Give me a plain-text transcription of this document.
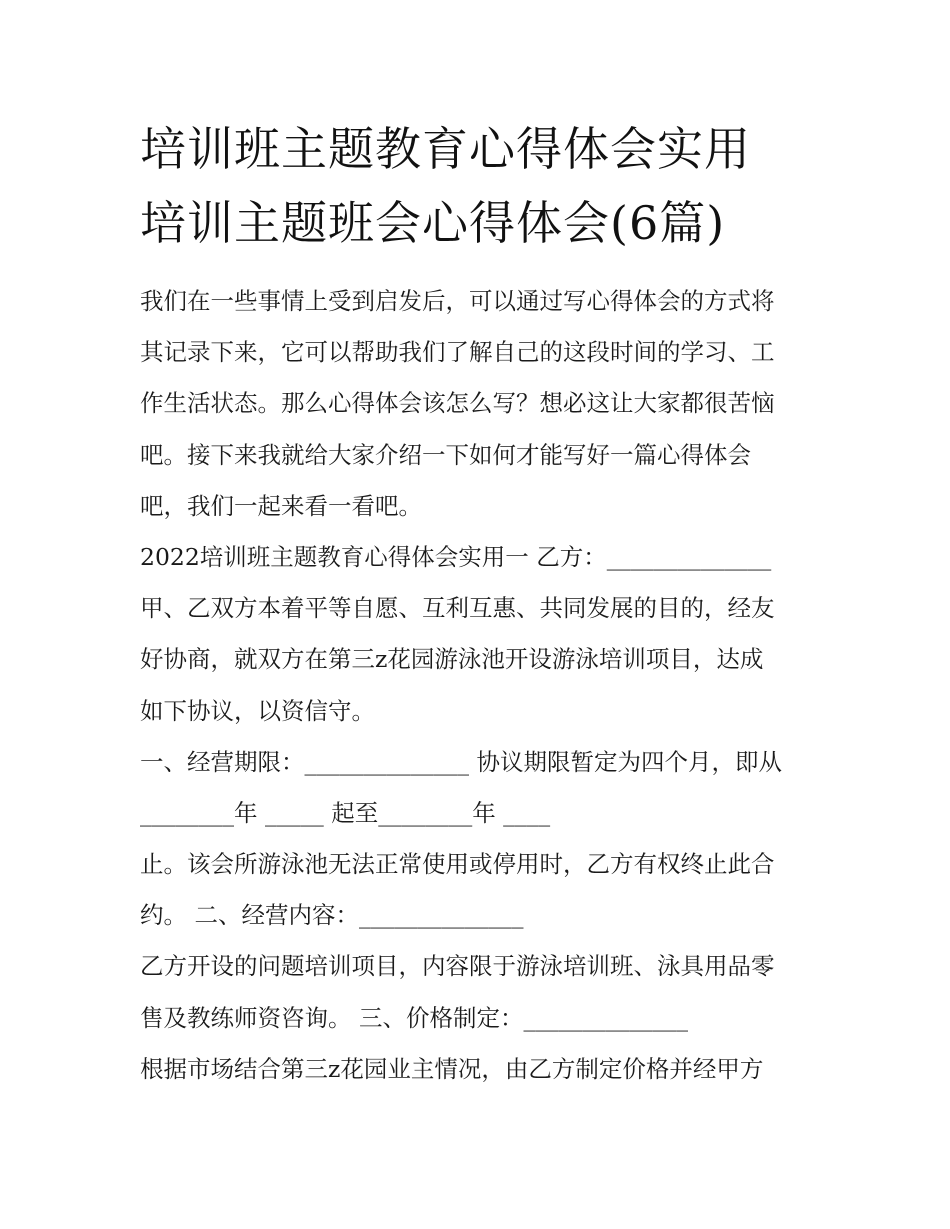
培训班主题教育心得体会实用
培训主题班会心得体会(6篇)
我们在一些事情上受到启发后，可以通过写心得体会的方式将
其记录下来，它可以帮助我们了解自己的这段时间的学习、工
作生活状态。那么心得体会该怎么写？想必这让大家都很苦恼
吧。接下来我就给大家介绍一下如何才能写好一篇心得体会
吧，我们一起来看一看吧。
2022培训班主题教育心得体会实用一 乙方：______________
甲、乙双方本着平等自愿、互利互惠、共同发展的目的，经友
好协商，就双方在第三z花园游泳池开设游泳培训项目，达成
如下协议，以资信守。
一、经营期限：______________ 协议期限暂定为四个月，即从
________年 _____ 起至________年 ____
止。该会所游泳池无法正常使用或停用时，乙方有权终止此合
约。 二、经营内容：______________
乙方开设的问题培训项目，内容限于游泳培训班、泳具用品零
售及教练师资咨询。 三、价格制定：______________
根据市场结合第三z花园业主情况，由乙方制定价格并经甲方
